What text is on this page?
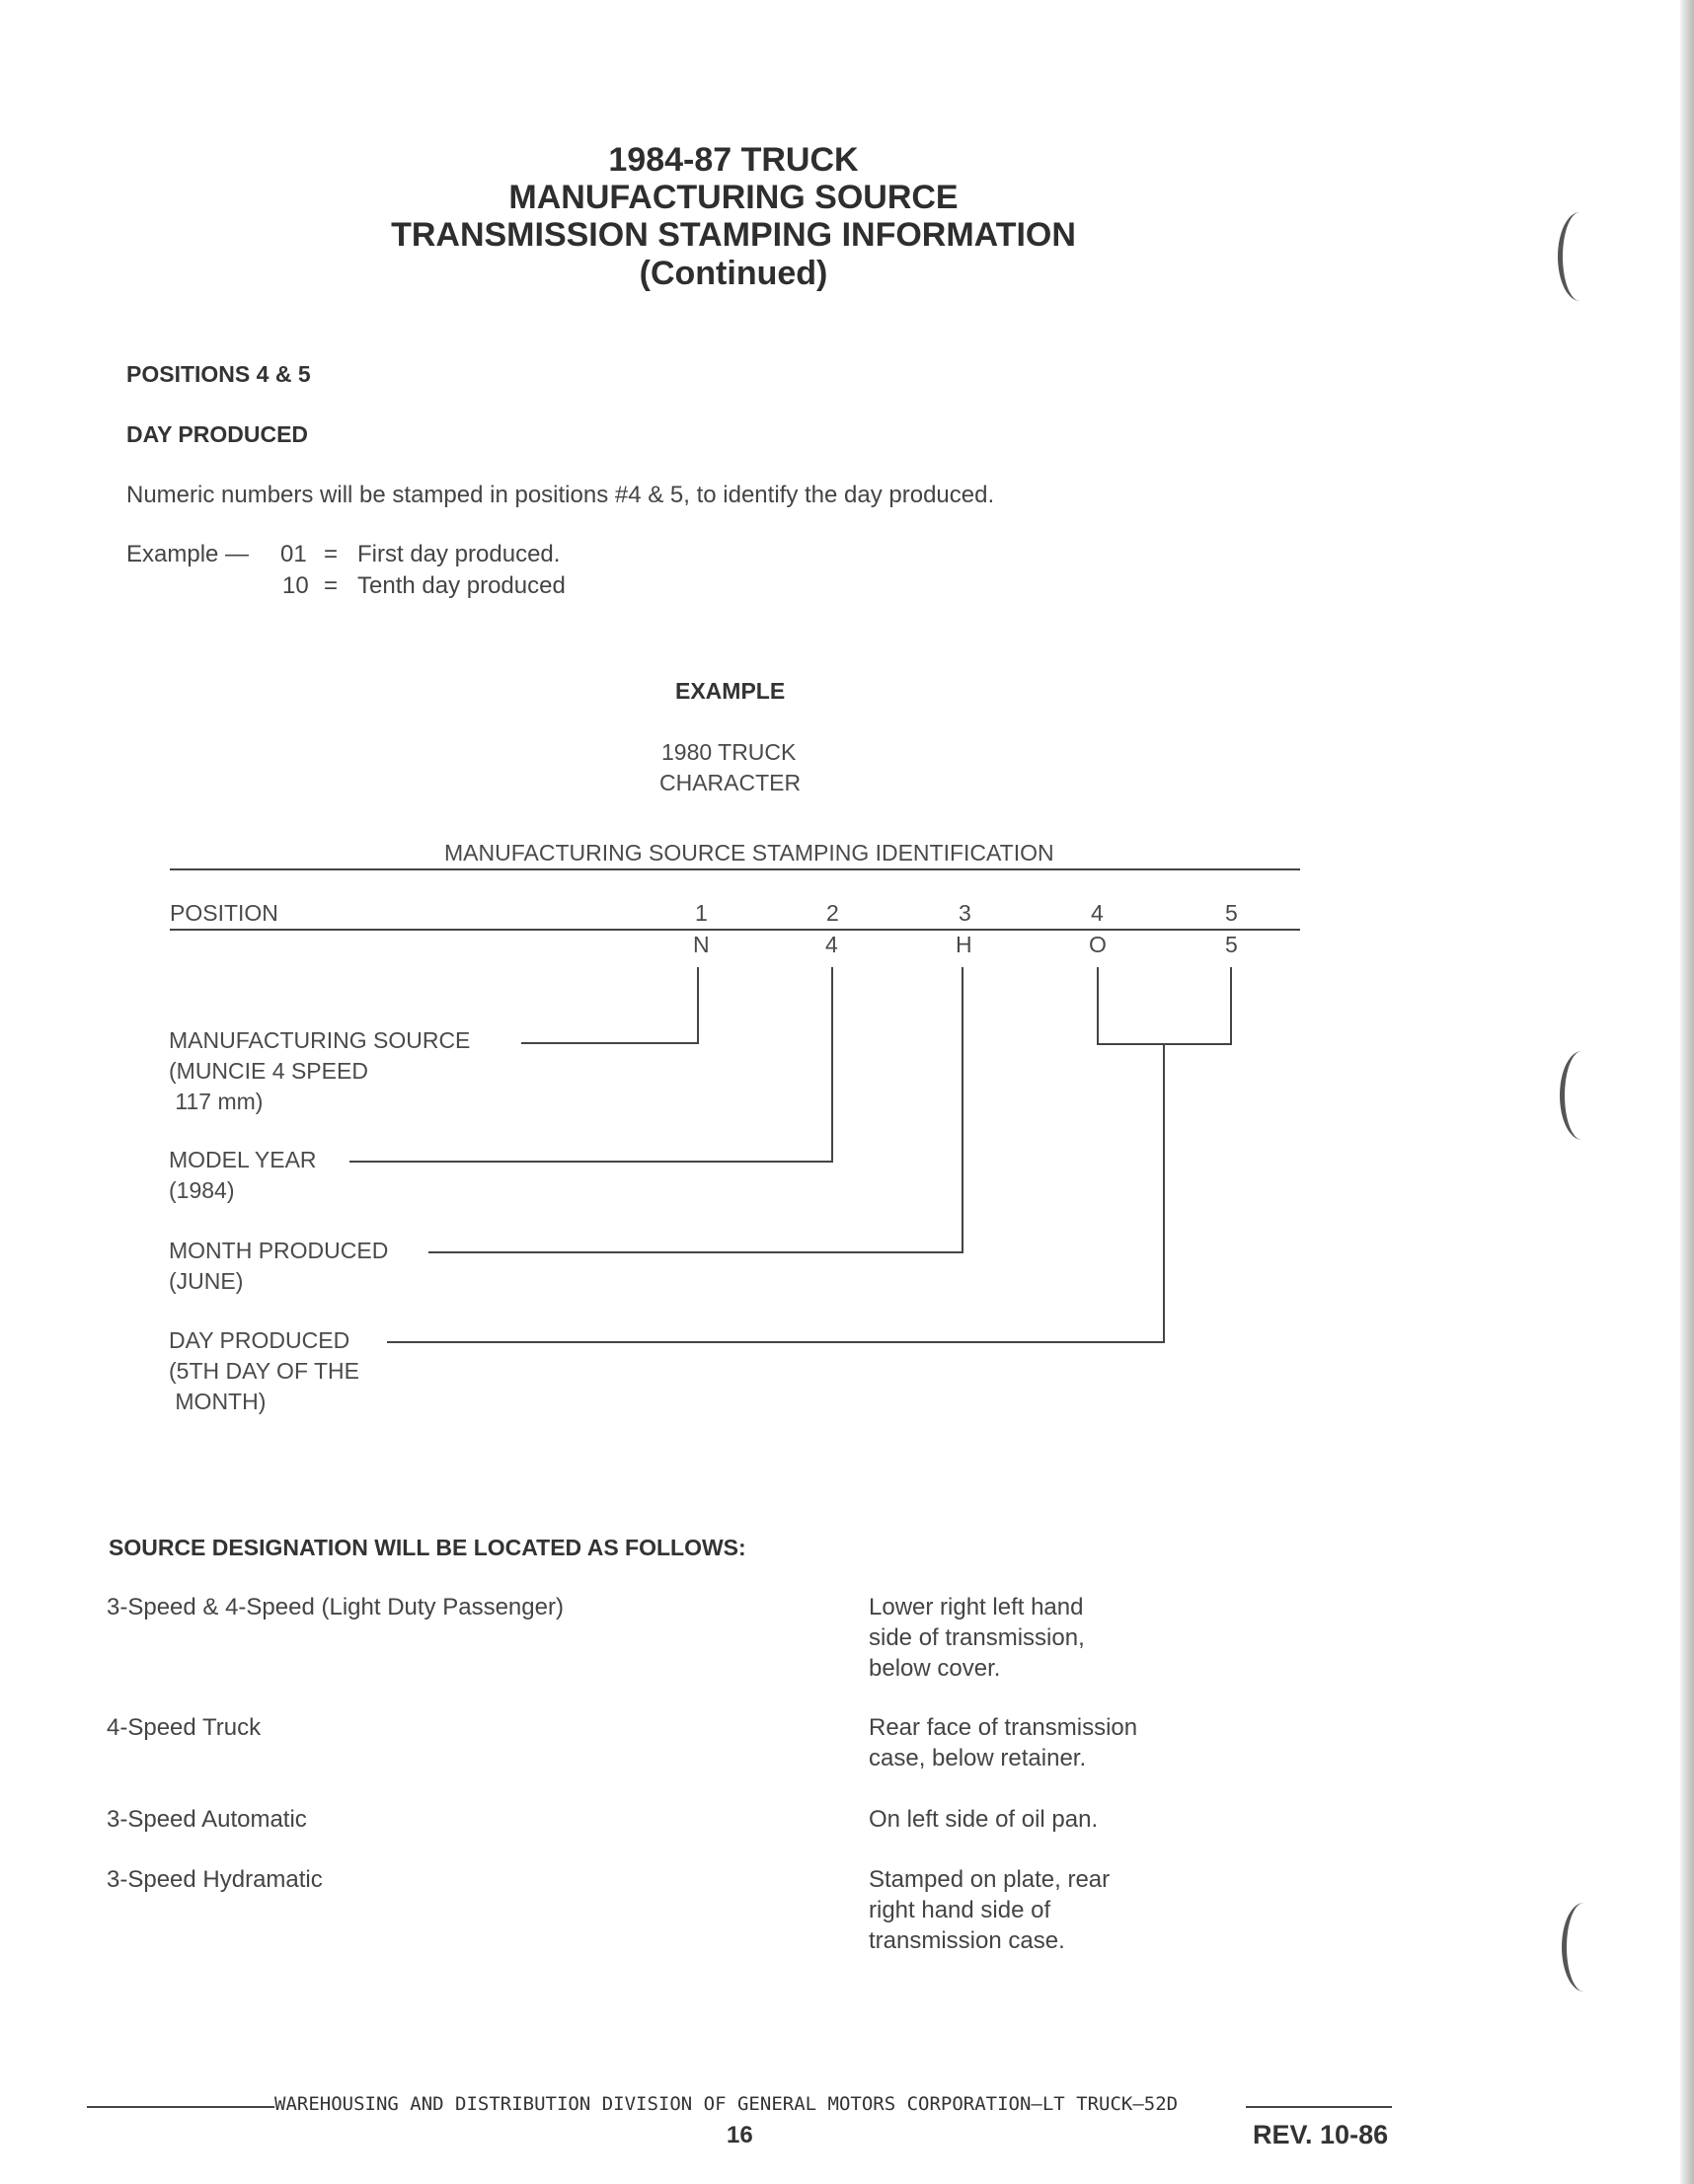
1984-87 TRUCK
MANUFACTURING SOURCE
TRANSMISSION STAMPING INFORMATION
(Continued)
POSITIONS 4 & 5
DAY PRODUCED
Numeric numbers will be stamped in positions #4 & 5, to identify the day produced.
Example — 01 = First day produced.
10 = Tenth day produced
EXAMPLE
1980 TRUCK
CHARACTER
MANUFACTURING SOURCE STAMPING IDENTIFICATION
POSITION	1	2	3	4	5
N	4	H	O	5
MANUFACTURING SOURCE
(MUNCIE 4 SPEED
117 mm)
MODEL YEAR
(1984)
MONTH PRODUCED
(JUNE)
DAY PRODUCED
(5TH DAY OF THE
MONTH)
SOURCE DESIGNATION WILL BE LOCATED AS FOLLOWS:
3-Speed & 4-Speed (Light Duty Passenger)	Lower right left hand
side of transmission,
below cover.
4-Speed Truck	Rear face of transmission
case, below retainer.
3-Speed Automatic	On left side of oil pan.
3-Speed Hydramatic	Stamped on plate, rear
right hand side of
transmission case.
WAREHOUSING AND DISTRIBUTION DIVISION OF GENERAL MOTORS CORPORATION—LT TRUCK—52D
16	REV. 10-86
